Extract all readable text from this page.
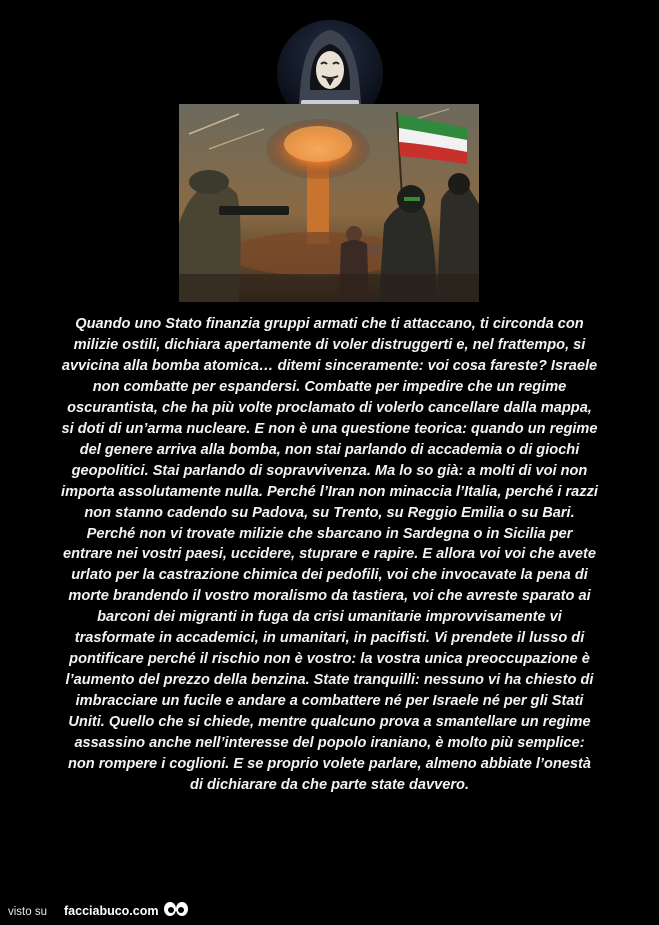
Quando uno Stato finanzia gruppi armati che ti attaccano, ti circonda con milizie ostili, dichiara apertamente di voler distruggerti e, nel frattempo, si avvicina alla bomba atomica… ditemi sinceramente: voi cosa fareste? Israele non combatte per espandersi. Combatte per impedire che un regime oscurantista, che ha più volte proclamato di volerlo cancellare dalla mappa, si doti di un’arma nucleare. E non è una questione teorica: quando un regime del genere arriva alla bomba, non stai parlando di accademia o di giochi geopolitici. Stai parlando di sopravvivenza. Ma lo so già: a molti di voi non importa assolutamente nulla. Perché l’Iran non minaccia l’Italia, perché i razzi non stanno cadendo su Padova, su Trento, su Reggio Emilia o su Bari. Perché non vi trovate milizie che sbarcano in Sardegna o in Sicilia per entrare nei vostri paesi, uccidere, stuprare e rapire. E allora voi voi che avete urlato per la castrazione chimica dei pedofili, voi che invocavate la pena di morte brandendo il vostro moralismo da tastiera, voi che avreste sparato ai barconi dei migranti in fuga da crisi umanitarie improvvisamente vi trasformate in accademici, in umanitari, in pacifisti. Vi prendete il lusso di pontificare perché il rischio non è vostro: la vostra unica preoccupazione è l’aumento del prezzo della benzina. State tranquilli: nessuno vi ha chiesto di imbracciare un fucile e andare a combattere né per Israele né per gli Stati Uniti. Quello che si chiede, mentre qualcuno prova a smantellare un regime assassino anche nell’interesse del popolo iraniano, è molto più semplice: non rompere i coglioni. E se proprio volete parlare, almeno abbiate l’onestà di dichiarare da che parte state davvero.

visto su facciabuco.com
